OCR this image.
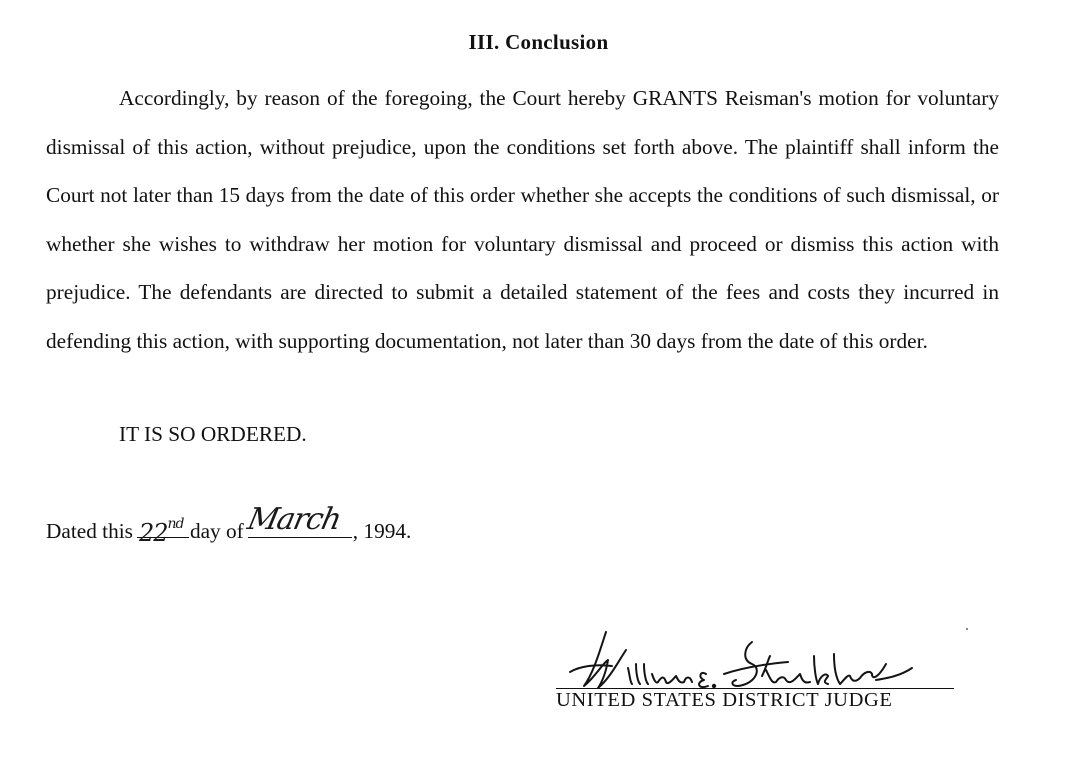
III. Conclusion

Accordingly, by reason of the foregoing, the Court hereby GRANTS Reisman's motion for voluntary dismissal of this action, without prejudice, upon the conditions set forth above. The plaintiff shall inform the Court not later than 15 days from the date of this order whether she accepts the conditions of such dismissal, or whether she wishes to withdraw her motion for voluntary dismissal and proceed or dismiss this action with prejudice. The defendants are directed to submit a detailed statement of the fees and costs they incurred in defending this action, with supporting documentation, not later than 30 days from the date of this order.

IT IS SO ORDERED.
Dated this 22nd day of March , 1994.
UNITED STATES DISTRICT JUDGE
